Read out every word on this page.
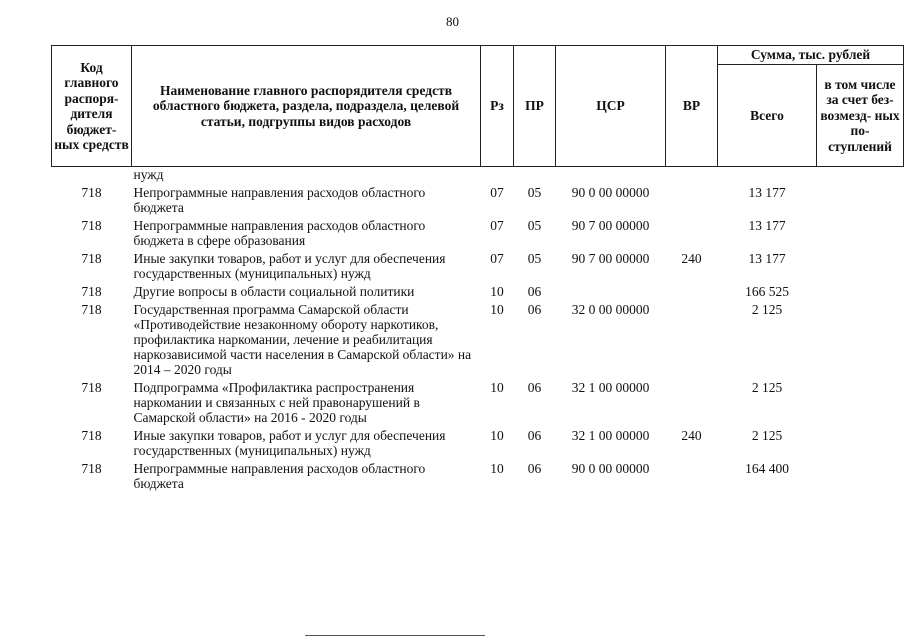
80
Код главного распоря- дителя бюджет- ных средств	Наименование главного распорядителя средств областного бюджета, раздела, подраздела, целевой статьи, подгруппы видов расходов	Рз	ПР	ЦСР	ВР	Сумма, тыс. рублей	
						Всего	в том числе за счет без- возмезд- ных по- ступлений
	нужд						
718	Непрограммные направления расходов областного бюджета	07	05	90 0 00 00000		13 177	
718	Непрограммные направления расходов областного бюджета в сфере образования	07	05	90 7 00 00000		13 177	
718	Иные закупки товаров, работ и услуг для обеспечения государственных (муниципальных) нужд	07	05	90 7 00 00000	240	13 177	
718	Другие вопросы в области социальной политики	10	06			166 525	
718	Государственная программа Самарской области «Противодействие незаконному обороту наркотиков, профилактика наркомании, лечение и реабилитация наркозависимой части населения в Самарской области» на 2014 – 2020 годы	10	06	32 0 00 00000		2 125	
718	Подпрограмма «Профилактика распространения наркомании и связанных с ней правонарушений в Самарской области» на 2016 - 2020 годы	10	06	32 1 00 00000		2 125	
718	Иные закупки товаров, работ и услуг для обеспечения государственных (муниципальных) нужд	10	06	32 1 00 00000	240	2 125	
718	Непрограммные направления расходов областного бюджета	10	06	90 0 00 00000		164 400	
